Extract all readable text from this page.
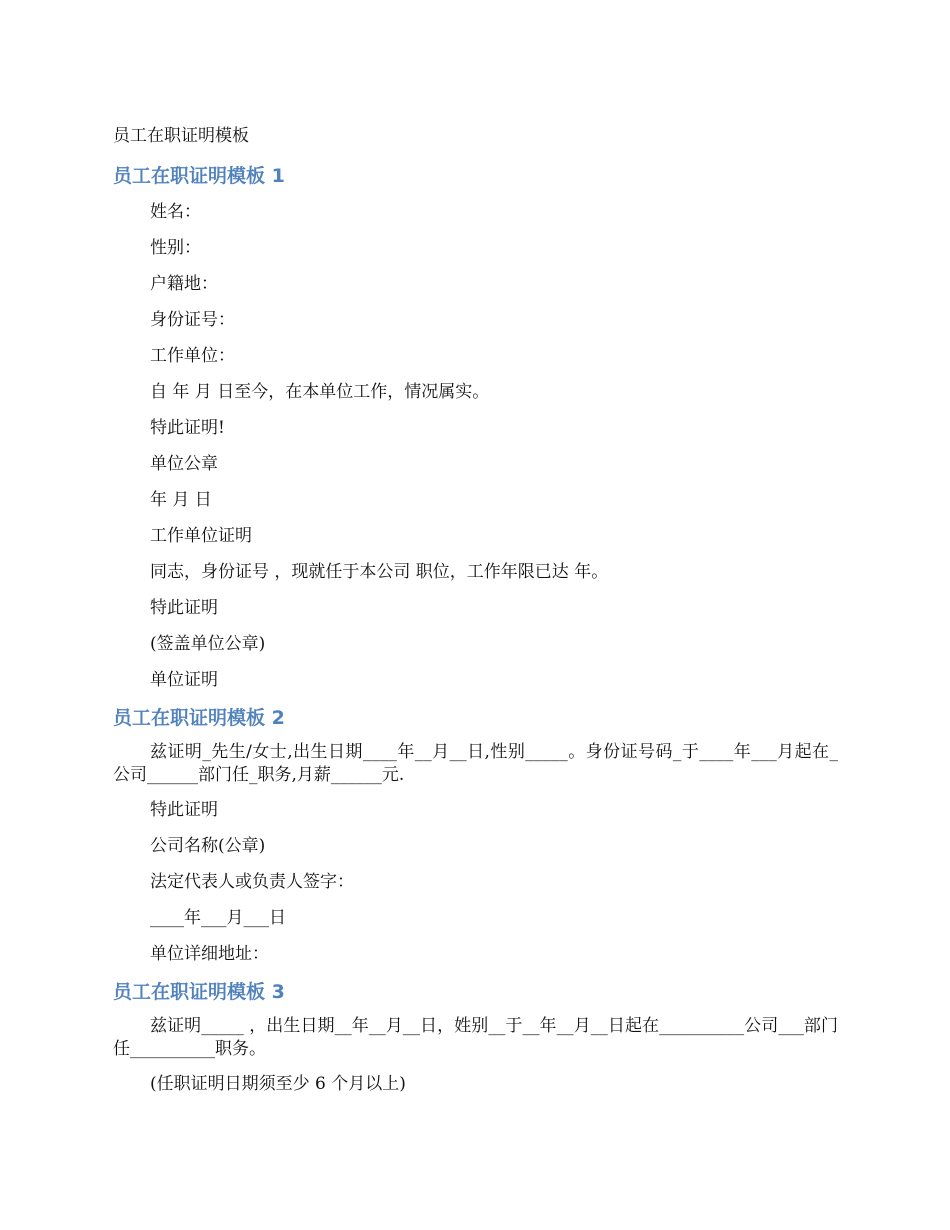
员工在职证明模板
员工在职证明模板 1
姓名：
性别：
户籍地：
身份证号：
工作单位：
自 年 月 日至今，在本单位工作，情况属实。
特此证明!
单位公章
年 月 日
工作单位证明
同志，身份证号 ，现就任于本公司 职位，工作年限已达 年。
特此证明
(签盖单位公章)
单位证明
员工在职证明模板 2
兹证明_先生/女士,出生日期____年__月__日,性别_____。身份证号码_于____年___月起在_公司______部门任_职务,月薪______元.
特此证明
公司名称(公章)
法定代表人或负责人签字：
____年___月___日
单位详细地址：
员工在职证明模板 3
兹证明_____ ，出生日期__年__月__日，姓别__于__年__月__日起在__________公司___部门任__________职务。
(任职证明日期须至少 6 个月以上)
